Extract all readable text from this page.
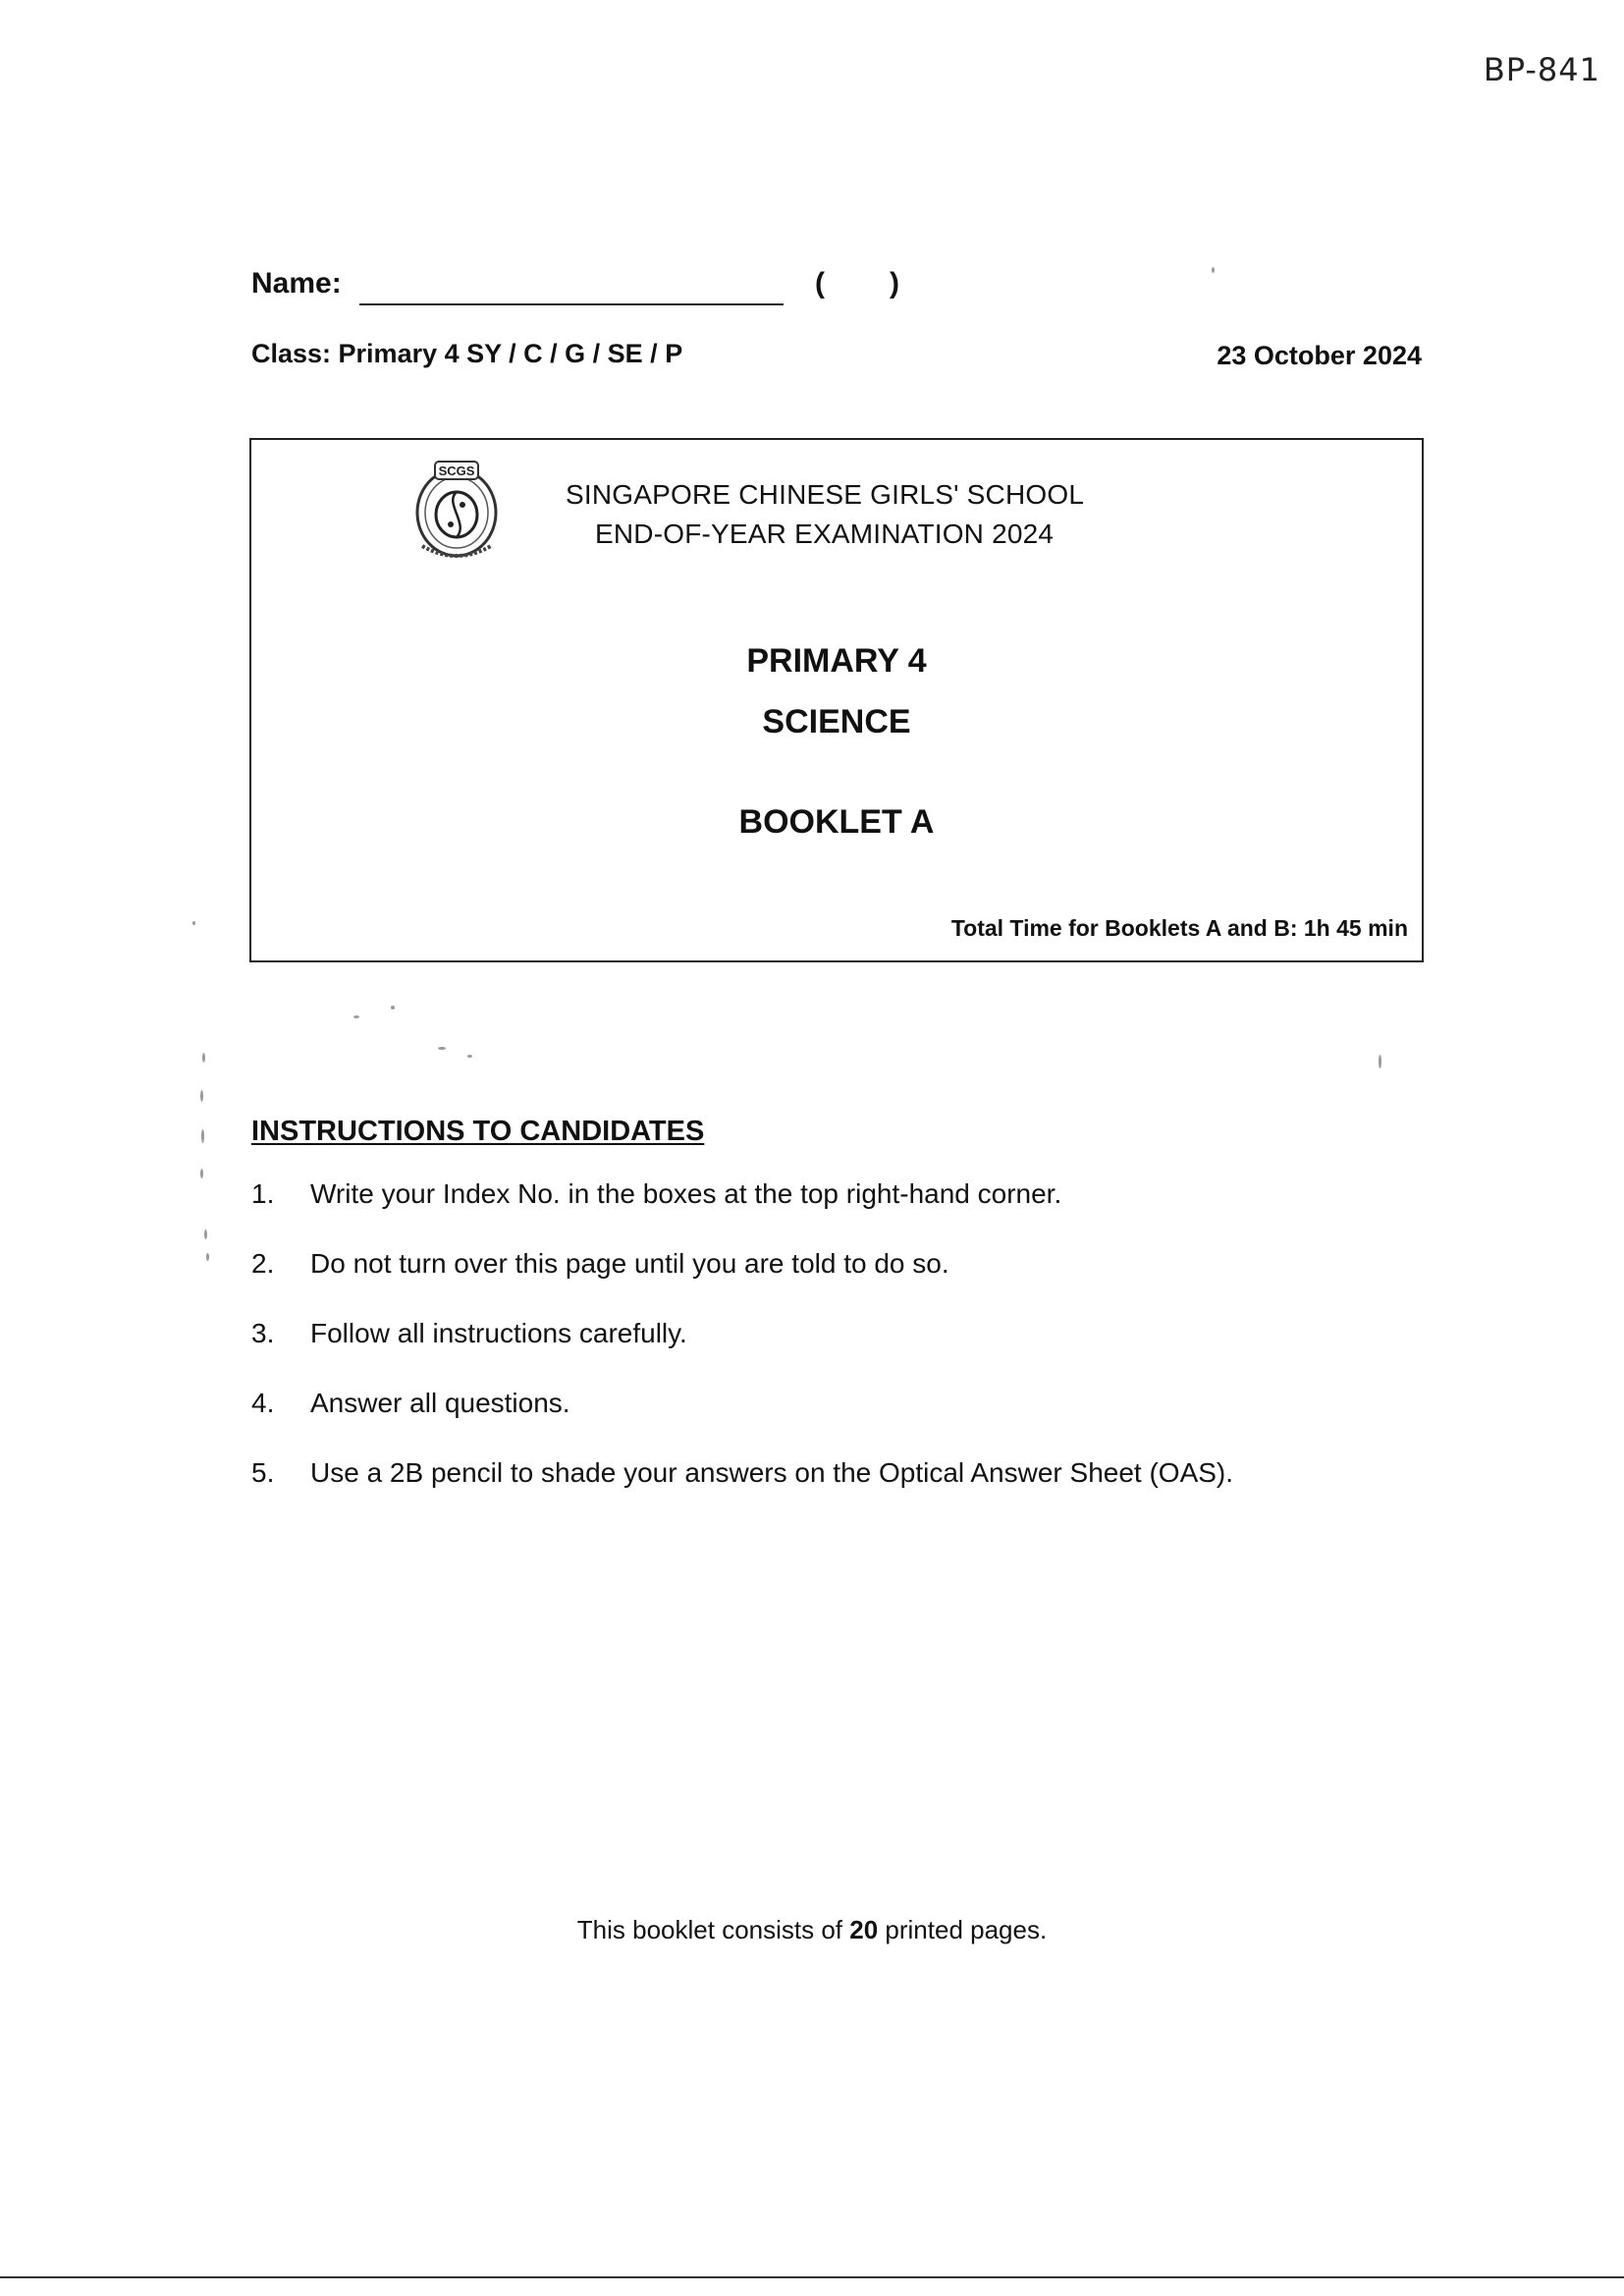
BP-841
Name:	( )
Class: Primary 4 SY / C / G / SE / P	23 October 2024
SCGS
SINGAPORE CHINESE GIRLS' SCHOOL
END-OF-YEAR EXAMINATION 2024
PRIMARY 4
SCIENCE
BOOKLET A
Total Time for Booklets A and B: 1h 45 min
INSTRUCTIONS TO CANDIDATES
1.	Write your Index No. in the boxes at the top right-hand corner.
2.	Do not turn over this page until you are told to do so.
3.	Follow all instructions carefully.
4.	Answer all questions.
5.	Use a 2B pencil to shade your answers on the Optical Answer Sheet (OAS).
This booklet consists of 20 printed pages.
